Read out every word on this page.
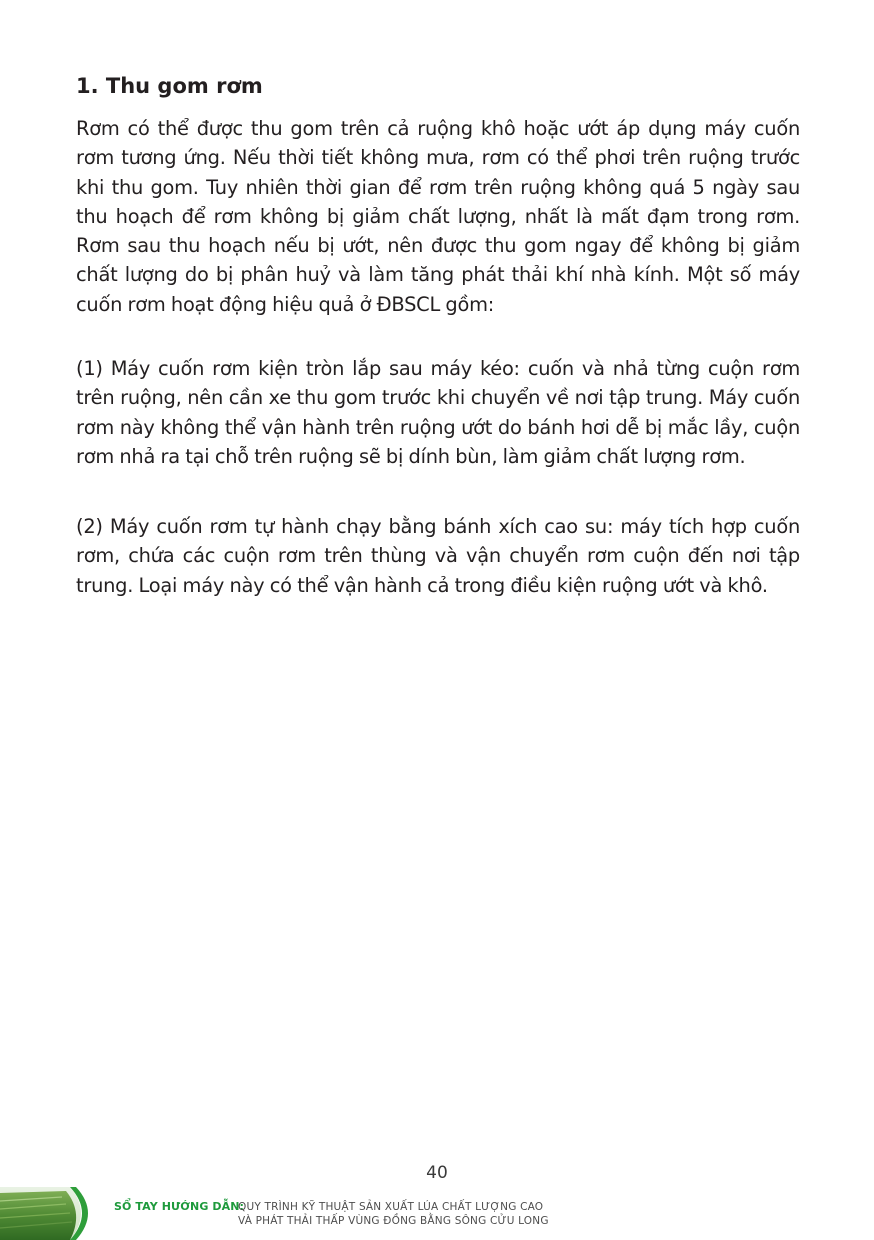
1. Thu gom rơm

Rơm có thể được thu gom trên cả ruộng khô hoặc ướt áp dụng máy cuốn rơm tương ứng. Nếu thời tiết không mưa, rơm có thể phơi trên ruộng trước khi thu gom. Tuy nhiên thời gian để rơm trên ruộng không quá 5 ngày sau thu hoạch để rơm không bị giảm chất lượng, nhất là mất đạm trong rơm. Rơm sau thu hoạch nếu bị ướt, nên được thu gom ngay để không bị giảm chất lượng do bị phân huỷ và làm tăng phát thải khí nhà kính. Một số máy cuốn rơm hoạt động hiệu quả ở ĐBSCL gồm:

(1) Máy cuốn rơm kiện tròn lắp sau máy kéo: cuốn và nhả từng cuộn rơm trên ruộng, nên cần xe thu gom trước khi chuyển về nơi tập trung. Máy cuốn rơm này không thể vận hành trên ruộng ướt do bánh hơi dễ bị mắc lầy, cuộn rơm nhả ra tại chỗ trên ruộng sẽ bị dính bùn, làm giảm chất lượng rơm.

(2) Máy cuốn rơm tự hành chạy bằng bánh xích cao su: máy tích hợp cuốn rơm, chứa các cuộn rơm trên thùng và vận chuyển rơm cuộn đến nơi tập trung. Loại máy này có thể vận hành cả trong điều kiện ruộng ướt và khô.

40

SỔ TAY HƯỚNG DẪN:

QUY TRÌNH KỸ THUẬT SẢN XUẤT LÚA CHẤT LƯỢNG CAO

VÀ PHÁT THẢI THẤP VÙNG ĐỒNG BẰNG SÔNG CỬU LONG
